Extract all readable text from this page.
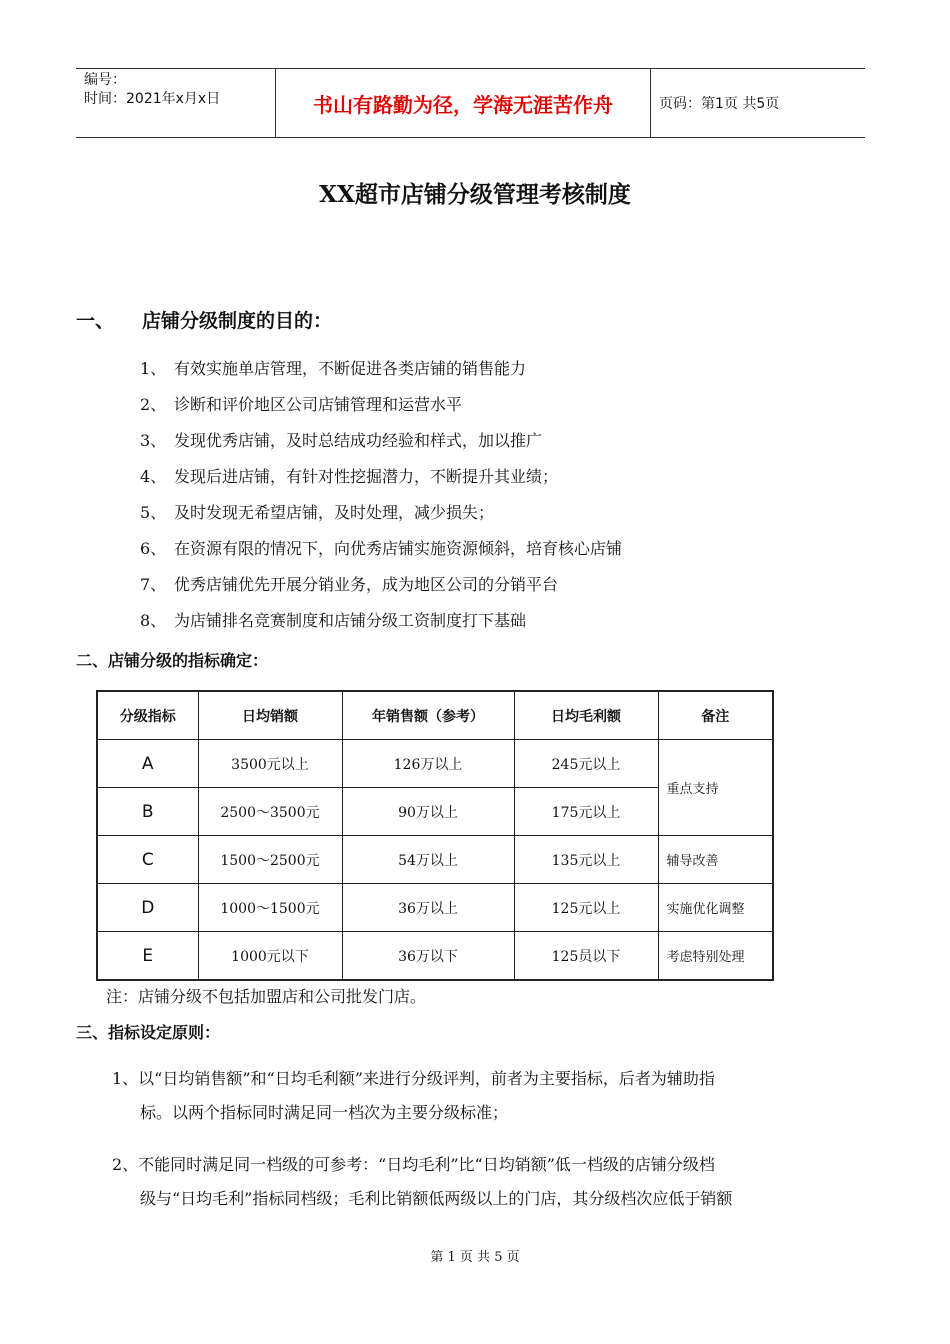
编号：
时间：2021年x月x日	书山有路勤为径，学海无涯苦作舟	页码：第1页 共5页
XX超市店铺分级管理考核制度
一、 店铺分级制度的目的：
1、 有效实施单店管理，不断促进各类店铺的销售能力
2、 诊断和评价地区公司店铺管理和运营水平
3、 发现优秀店铺，及时总结成功经验和样式，加以推广
4、 发现后进店铺，有针对性挖掘潜力，不断提升其业绩；
5、 及时发现无希望店铺，及时处理，减少损失；
6、 在资源有限的情况下，向优秀店铺实施资源倾斜，培育核心店铺
7、 优秀店铺优先开展分销业务，成为地区公司的分销平台
8、 为店铺排名竞赛制度和店铺分级工资制度打下基础
二、店铺分级的指标确定：
分级指标	日均销额	年销售额（参考）	日均毛利额	备注
A	3500元以上	126万以上	245元以上	重点支持
B	2500～3500元	90万以上	175元以上	
C	1500～2500元	54万以上	135元以上	辅导改善
D	1000～1500元	36万以上	125元以上	实施优化调整
E	1000元以下	36万以下	125员以下	考虑特别处理
注：店铺分级不包括加盟店和公司批发门店。
三、指标设定原则：
1、以“日均销售额”和“日均毛利额”来进行分级评判，前者为主要指标，后者为辅助指
标。以两个指标同时满足同一档次为主要分级标准；
2、不能同时满足同一档级的可参考：“日均毛利”比“日均销额”低一档级的店铺分级档
级与“日均毛利”指标同档级；毛利比销额低两级以上的门店，其分级档次应低于销额
第 1 页 共 5 页
